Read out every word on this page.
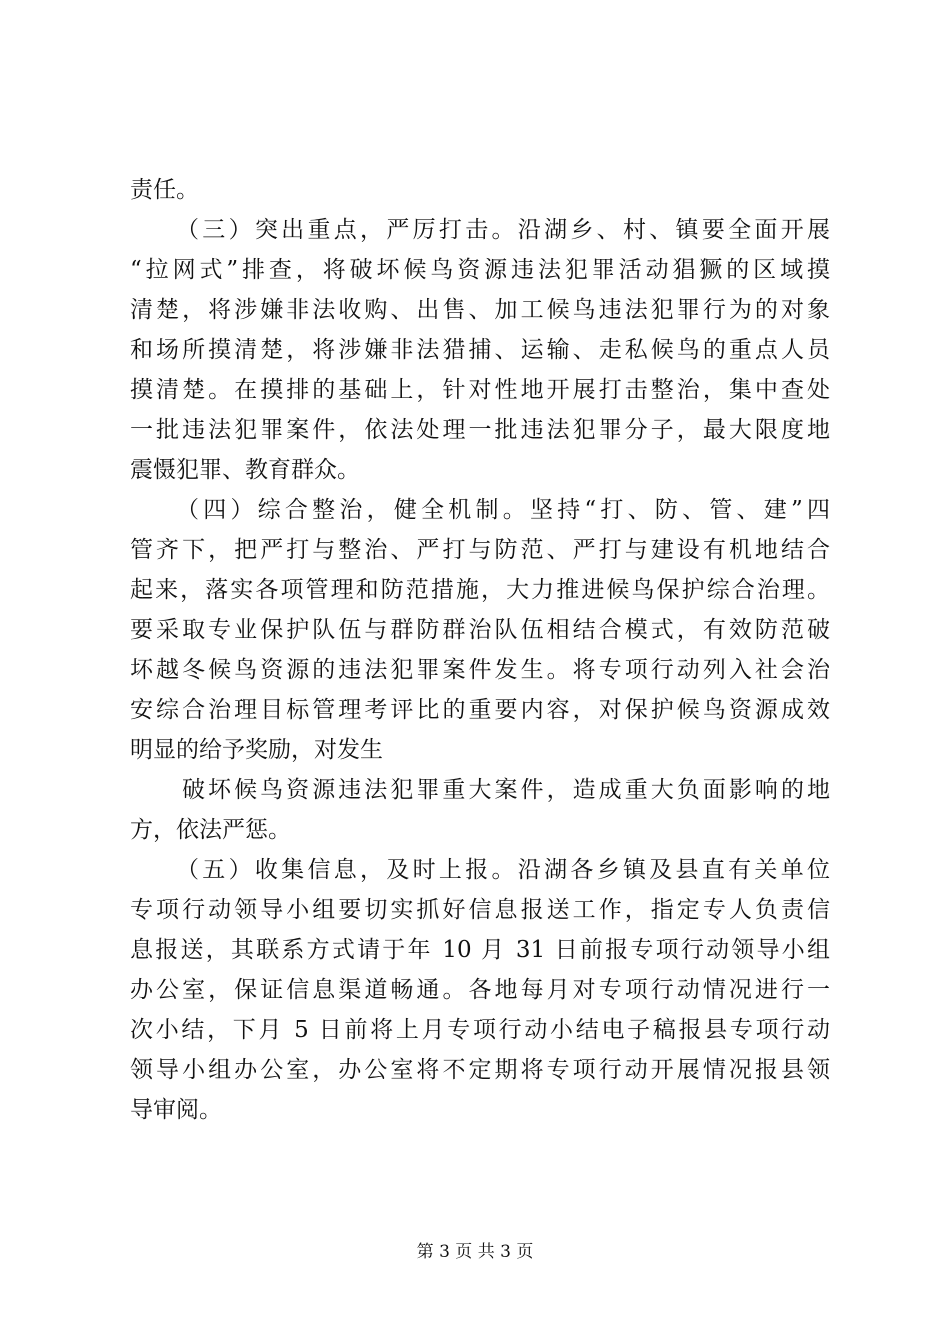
责任。
（三）突出重点，严厉打击。沿湖乡、村、镇要全面开展
“拉网式”排查，将破坏候鸟资源违法犯罪活动猖獗的区域摸
清楚，将涉嫌非法收购、出售、加工候鸟违法犯罪行为的对象
和场所摸清楚，将涉嫌非法猎捕、运输、走私候鸟的重点人员
摸清楚。在摸排的基础上，针对性地开展打击整治，集中查处
一批违法犯罪案件，依法处理一批违法犯罪分子，最大限度地
震慑犯罪、教育群众。
（四）综合整治，健全机制。坚持“打、防、管、建”四
管齐下，把严打与整治、严打与防范、严打与建设有机地结合
起来，落实各项管理和防范措施，大力推进候鸟保护综合治理。
要采取专业保护队伍与群防群治队伍相结合模式，有效防范破
坏越冬候鸟资源的违法犯罪案件发生。将专项行动列入社会治
安综合治理目标管理考评比的重要内容，对保护候鸟资源成效
明显的给予奖励，对发生
破坏候鸟资源违法犯罪重大案件，造成重大负面影响的地
方，依法严惩。
（五）收集信息，及时上报。沿湖各乡镇及县直有关单位
专项行动领导小组要切实抓好信息报送工作，指定专人负责信
息报送，其联系方式请于年 10 月 31 日前报专项行动领导小组
办公室，保证信息渠道畅通。各地每月对专项行动情况进行一
次小结，下月 5 日前将上月专项行动小结电子稿报县专项行动
领导小组办公室，办公室将不定期将专项行动开展情况报县领
导审阅。
第 3 页 共 3 页
